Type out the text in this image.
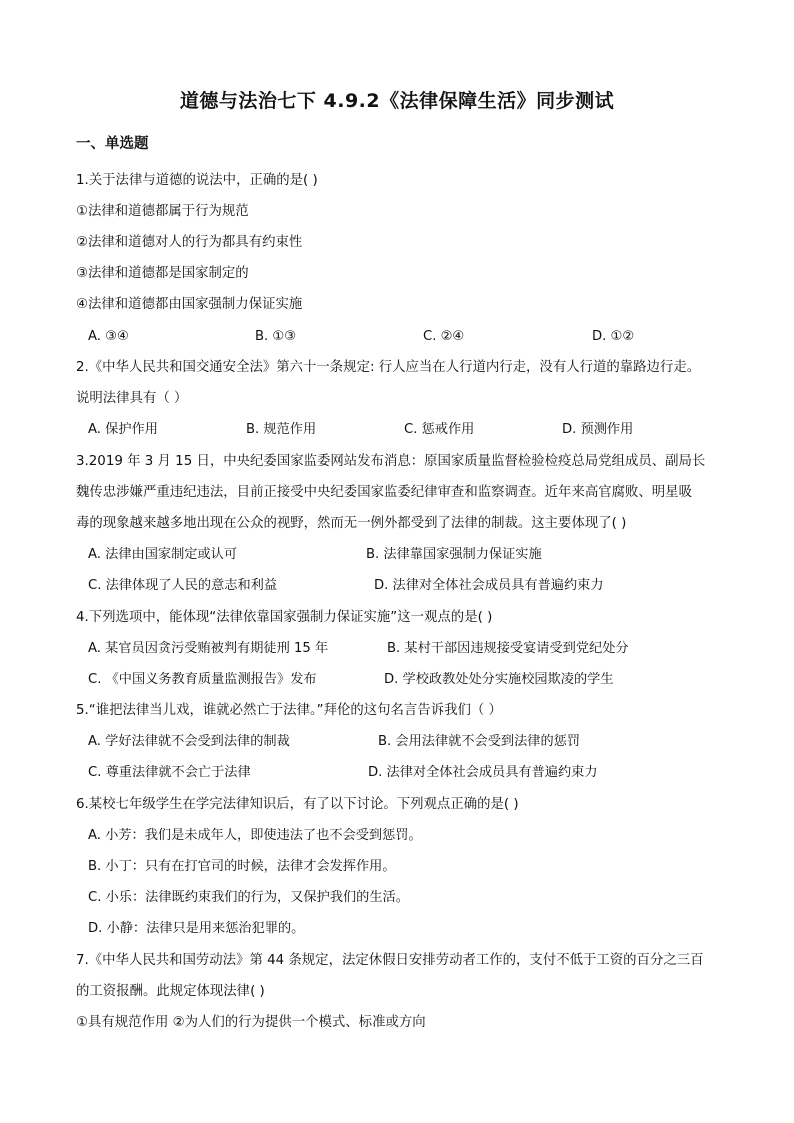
道德与法治七下 4.9.2《法律保障生活》同步测试
一、单选题
1.关于法律与道德的说法中，正确的是( )
①法律和道德都属于行为规范
②法律和道德对人的行为都具有约束性
③法律和道德都是国家制定的
④法律和道德都由国家强制力保证实施
A. ③④	B. ①③	C. ②④	D. ①②
2.《中华人民共和国交通安全法》第六十一条规定: 行人应当在人行道内行走，没有人行道的靠路边行走。
说明法律具有（ ）
A. 保护作用	B. 规范作用	C. 惩戒作用	D. 预测作用
3.2019 年 3 月 15 日，中央纪委国家监委网站发布消息：原国家质量监督检验检疫总局党组成员、副局长
魏传忠涉嫌严重违纪违法，目前正接受中央纪委国家监委纪律审查和监察调查。近年来高官腐败、明星吸
毒的现象越来越多地出现在公众的视野，然而无一例外都受到了法律的制裁。这主要体现了( )
A. 法律由国家制定或认可	B. 法律靠国家强制力保证实施
C. 法律体现了人民的意志和利益	D. 法律对全体社会成员具有普遍约束力
4.下列选项中，能体现“法律依靠国家强制力保证实施”这一观点的是( )
A. 某官员因贪污受贿被判有期徒刑 15 年	B. 某村干部因违规接受宴请受到党纪处分
C. 《中国义务教育质量监测报告》发布	D. 学校政教处处分实施校园欺凌的学生
5.“谁把法律当儿戏，谁就必然亡于法律。”拜伦的这句名言告诉我们（ ）
A. 学好法律就不会受到法律的制裁	B. 会用法律就不会受到法律的惩罚
C. 尊重法律就不会亡于法律	D. 法律对全体社会成员具有普遍约束力
6.某校七年级学生在学完法律知识后，有了以下讨论。下列观点正确的是( )
A. 小芳：我们是未成年人，即使违法了也不会受到惩罚。
B. 小丁：只有在打官司的时候，法律才会发挥作用。
C. 小乐：法律既约束我们的行为，又保护我们的生活。
D. 小静：法律只是用来惩治犯罪的。
7.《中华人民共和国劳动法》第 44 条规定，法定休假日安排劳动者工作的，支付不低于工资的百分之三百
的工资报酬。此规定体现法律( )
①具有规范作用 ②为人们的行为提供一个模式、标准或方向
